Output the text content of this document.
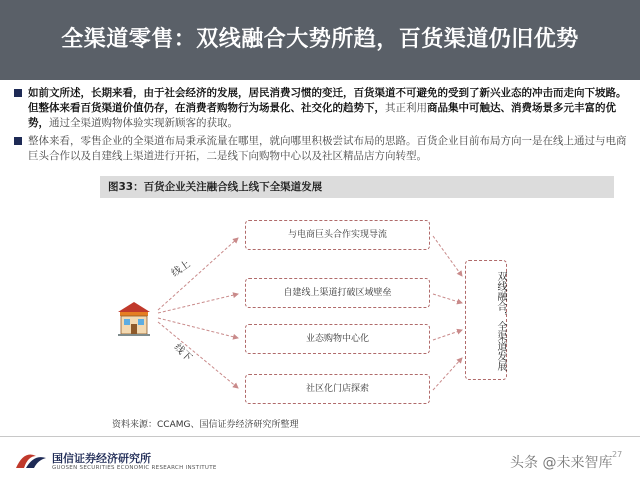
全渠道零售：双线融合大势所趋，百货渠道仍旧优势
如前文所述，长期来看，由于社会经济的发展，居民消费习惯的变迁，百货渠道不可避免的受到了新兴业态的冲击而走向下坡路。但整体来看百货渠道价值仍存，在消费者购物行为场景化、社交化的趋势下，其正利用商品集中可触达、消费场景多元丰富的优势，通过全渠道购物体验实现新顾客的获取。
整体来看，零售企业的全渠道布局秉承流量在哪里，就向哪里积极尝试布局的思路。百货企业目前布局方向一是在线上通过与电商巨头合作以及自建线上渠道进行开拓，二是线下向购物中心以及社区精品店方向转型。
图33：百货企业关注融合线上线下全渠道发展
线上
线下
与电商巨头合作实现导流
自建线上渠道打破区域壁垒
业态购物中心化
社区化门店探索
双线融合，全渠道发展
资料来源：CCAMG、国信证券经济研究所整理
国信证券经济研究所
GUOSEN SECURITIES ECONOMIC RESEARCH INSTITUTE	头条 @未来智库
27
